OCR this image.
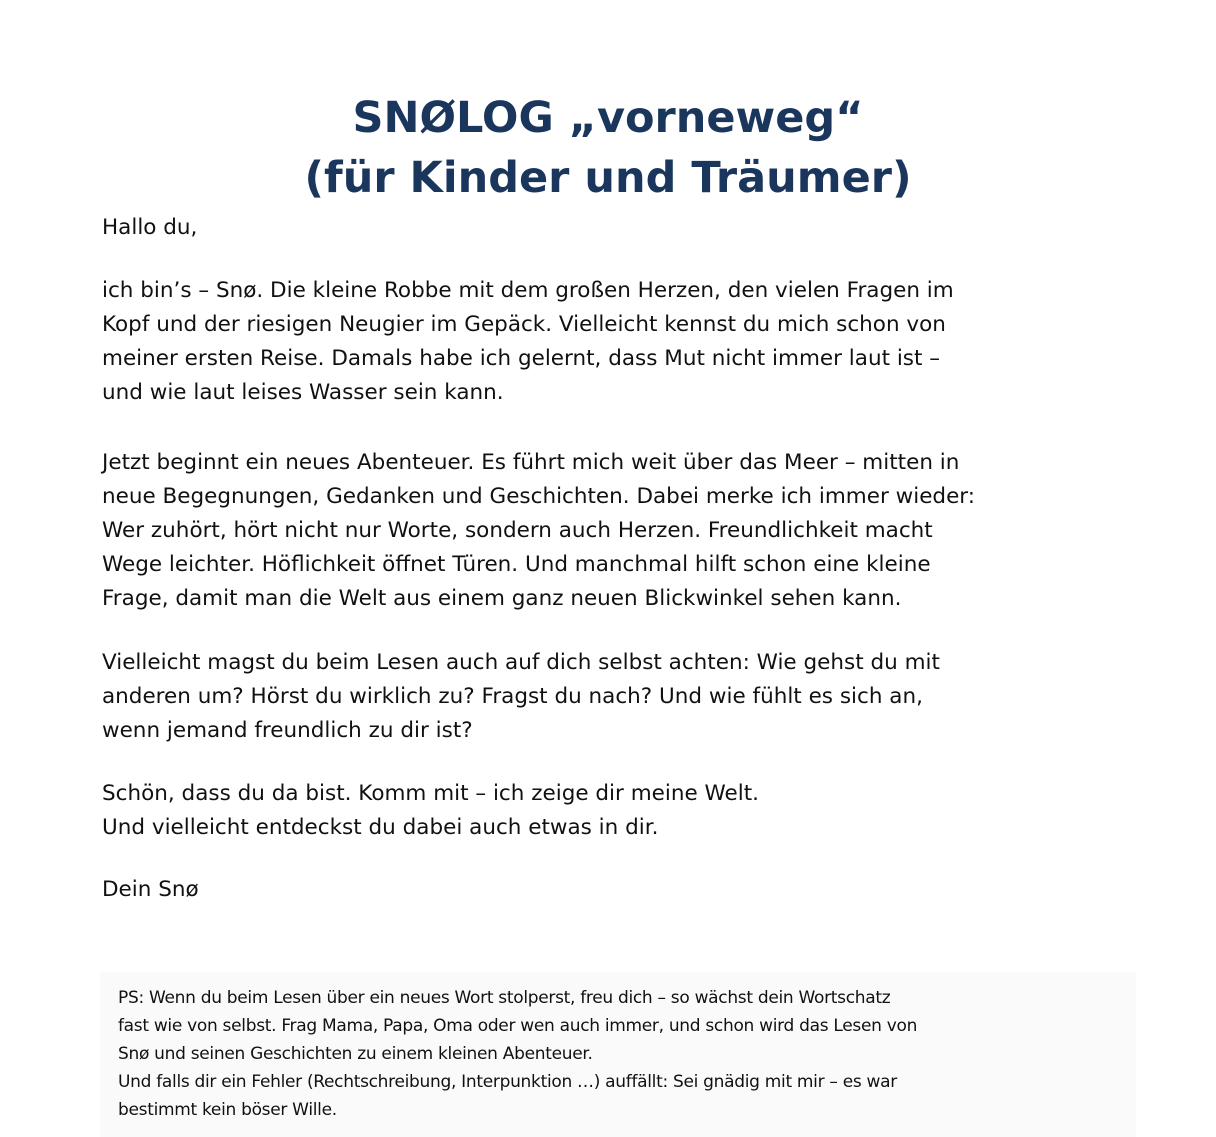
SNØLOG „vorneweg“
(für Kinder und Träumer)
Hallo du,
ich bin’s – Snø. Die kleine Robbe mit dem großen Herzen, den vielen Fragen im
Kopf und der riesigen Neugier im Gepäck. Vielleicht kennst du mich schon von
meiner ersten Reise. Damals habe ich gelernt, dass Mut nicht immer laut ist –
und wie laut leises Wasser sein kann.
Jetzt beginnt ein neues Abenteuer. Es führt mich weit über das Meer – mitten in
neue Begegnungen, Gedanken und Geschichten. Dabei merke ich immer wieder:
Wer zuhört, hört nicht nur Worte, sondern auch Herzen. Freundlichkeit macht
Wege leichter. Höflichkeit öffnet Türen. Und manchmal hilft schon eine kleine
Frage, damit man die Welt aus einem ganz neuen Blickwinkel sehen kann.
Vielleicht magst du beim Lesen auch auf dich selbst achten: Wie gehst du mit
anderen um? Hörst du wirklich zu? Fragst du nach? Und wie fühlt es sich an,
wenn jemand freundlich zu dir ist?
Schön, dass du da bist. Komm mit – ich zeige dir meine Welt.
Und vielleicht entdeckst du dabei auch etwas in dir.
Dein Snø
PS: Wenn du beim Lesen über ein neues Wort stolperst, freu dich – so wächst dein Wortschatz
fast wie von selbst. Frag Mama, Papa, Oma oder wen auch immer, und schon wird das Lesen von
Snø und seinen Geschichten zu einem kleinen Abenteuer.
Und falls dir ein Fehler (Rechtschreibung, Interpunktion …) auffällt: Sei gnädig mit mir – es war
bestimmt kein böser Wille.
